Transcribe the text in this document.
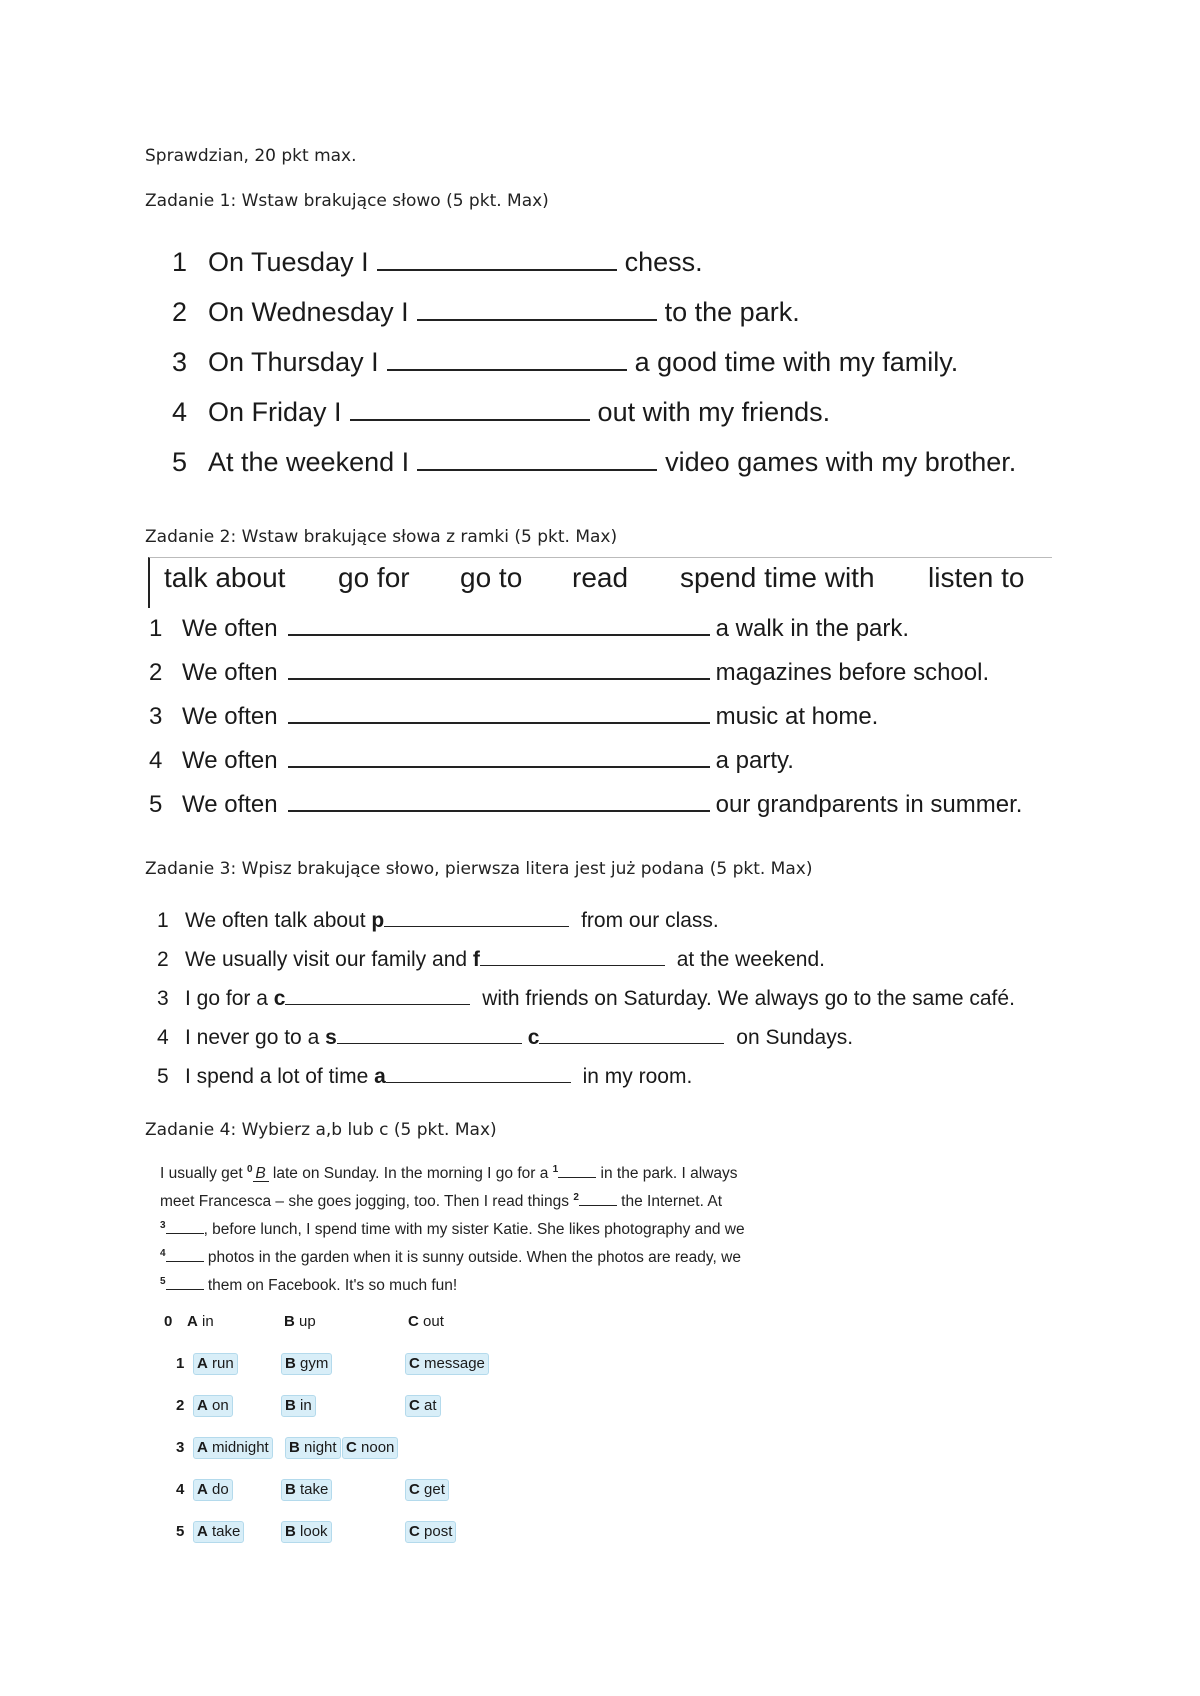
Sprawdzian, 20 pkt max.

Zadanie 1: Wstaw brakujące słowo (5 pkt. Max)

1 On Tuesday I	chess.
2 On Wednesday I	to the park.
3 On Thursday I	a good time with my family.
4 On Friday I	out with my friends.
5 At the weekend I	video games with my brother.

Zadanie 2: Wstaw brakujące słowa z ramki (5 pkt. Max)

talk about go for go to read spend time with listen to
1 We often	a walk in the park.
2 We often	magazines before school.
3 We often	music at home.
4 We often	a party.
5 We often	our grandparents in summer.

Zadanie 3: Wpisz brakujące słowo, pierwsza litera jest już podana (5 pkt. Max)

1 We often talk about p	from our class.
2 We usually visit our family and f	at the weekend.
3 I go for a c	with friends on Saturday. We always go to the same café.
4 I never go to a s	c	on Sundays.
5 I spend a lot of time a	in my room.

Zadanie 4: Wybierz a,b lub c (5 pkt. Max)

I usually get $^0$ B late on Sunday. In the morning I go for a $^1$ in the park. I always
meet Francesca – she goes jogging, too. Then I read things $^2$ the Internet. At
$^3$ , before lunch, I spend time with my sister Katie. She likes photography and we
$^4$ photos in the garden when it is sunny outside. When the photos are ready, we
$^5$ them on Facebook. It's so much fun!
0 A in	B up	C out
1 A run	B gym	C message
2 A on	B in	C at
3 A midnight B night C noon
4 A do	B take	C get
5 A take	B look	C post
